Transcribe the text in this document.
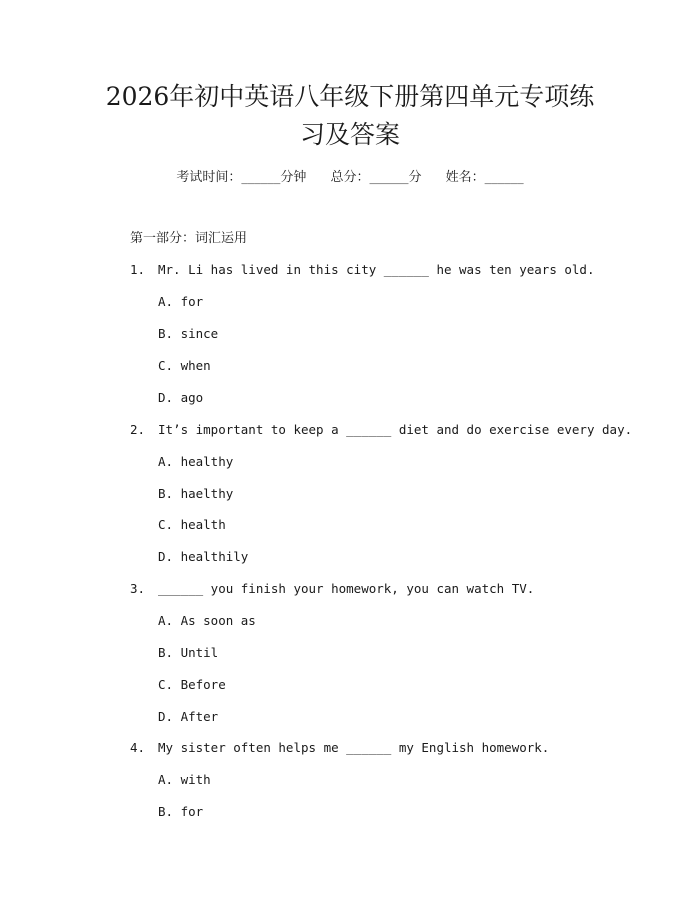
2026年初中英语八年级下册第四单元专项练
习及答案
考试时间：______分钟 总分：______分 姓名：______
第一部分：词汇运用
1. Mr. Li has lived in this city ______ he was ten years old.
A. for
B. since
C. when
D. ago
2. It’s important to keep a ______ diet and do exercise every day.
A. healthy
B. haelthy
C. health
D. healthily
3. ______ you finish your homework, you can watch TV.
A. As soon as
B. Until
C. Before
D. After
4. My sister often helps me ______ my English homework.
A. with
B. for
